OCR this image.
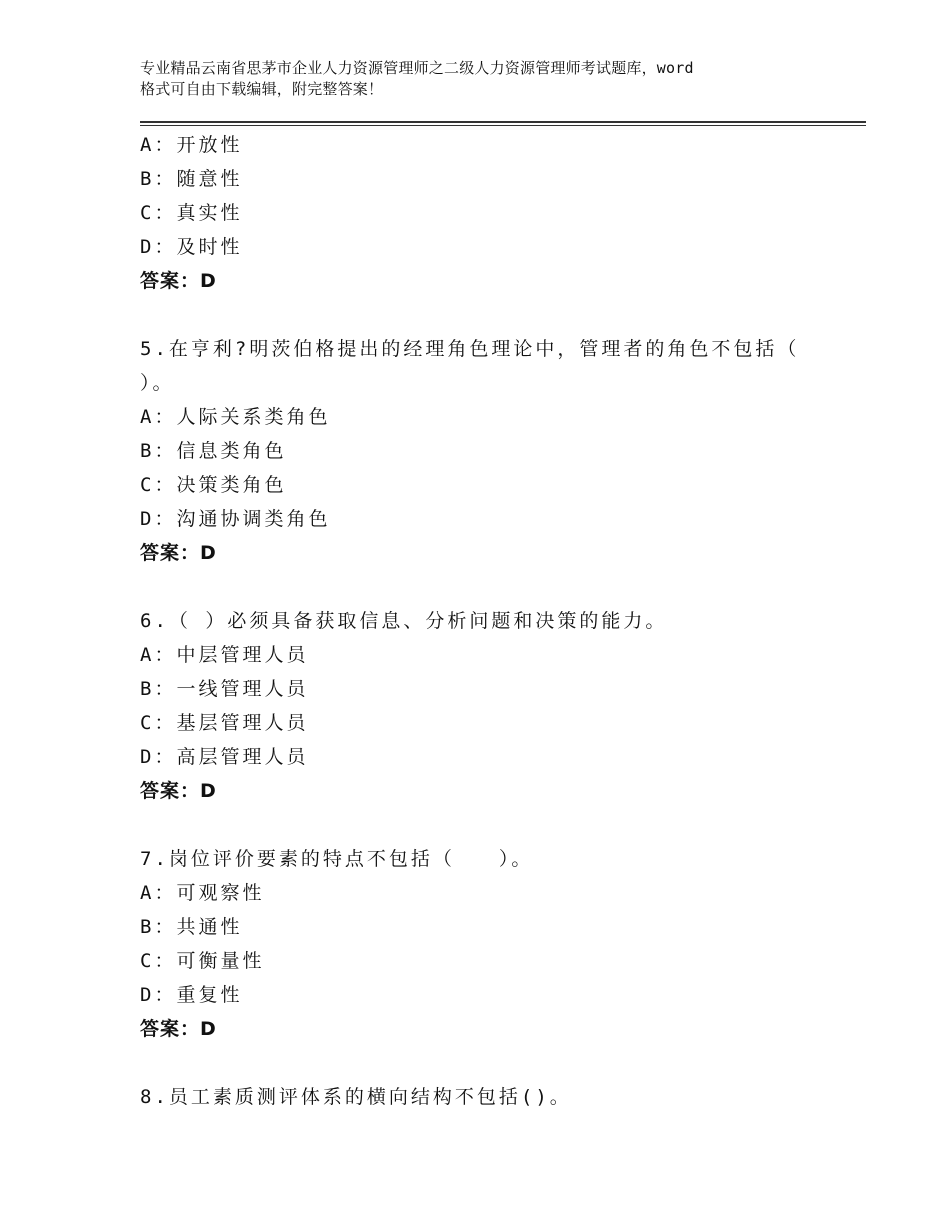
专业精品云南省思茅市企业人力资源管理师之二级人力资源管理师考试题库，word
格式可自由下载编辑，附完整答案！
A：开放性
B：随意性
C：真实性
D：及时性
答案：D
5.在亨利?明茨伯格提出的经理角色理论中，管理者的角色不包括（
）。
A：人际关系类角色
B：信息类角色
C：决策类角色
D：沟通协调类角色
答案：D
6.（ ）必须具备获取信息、分析问题和决策的能力。
A：中层管理人员
B：一线管理人员
C：基层管理人员
D：高层管理人员
答案：D
7.岗位评价要素的特点不包括（　　）。
A：可观察性
B：共通性
C：可衡量性
D：重复性
答案：D
8.员工素质测评体系的横向结构不包括()。
